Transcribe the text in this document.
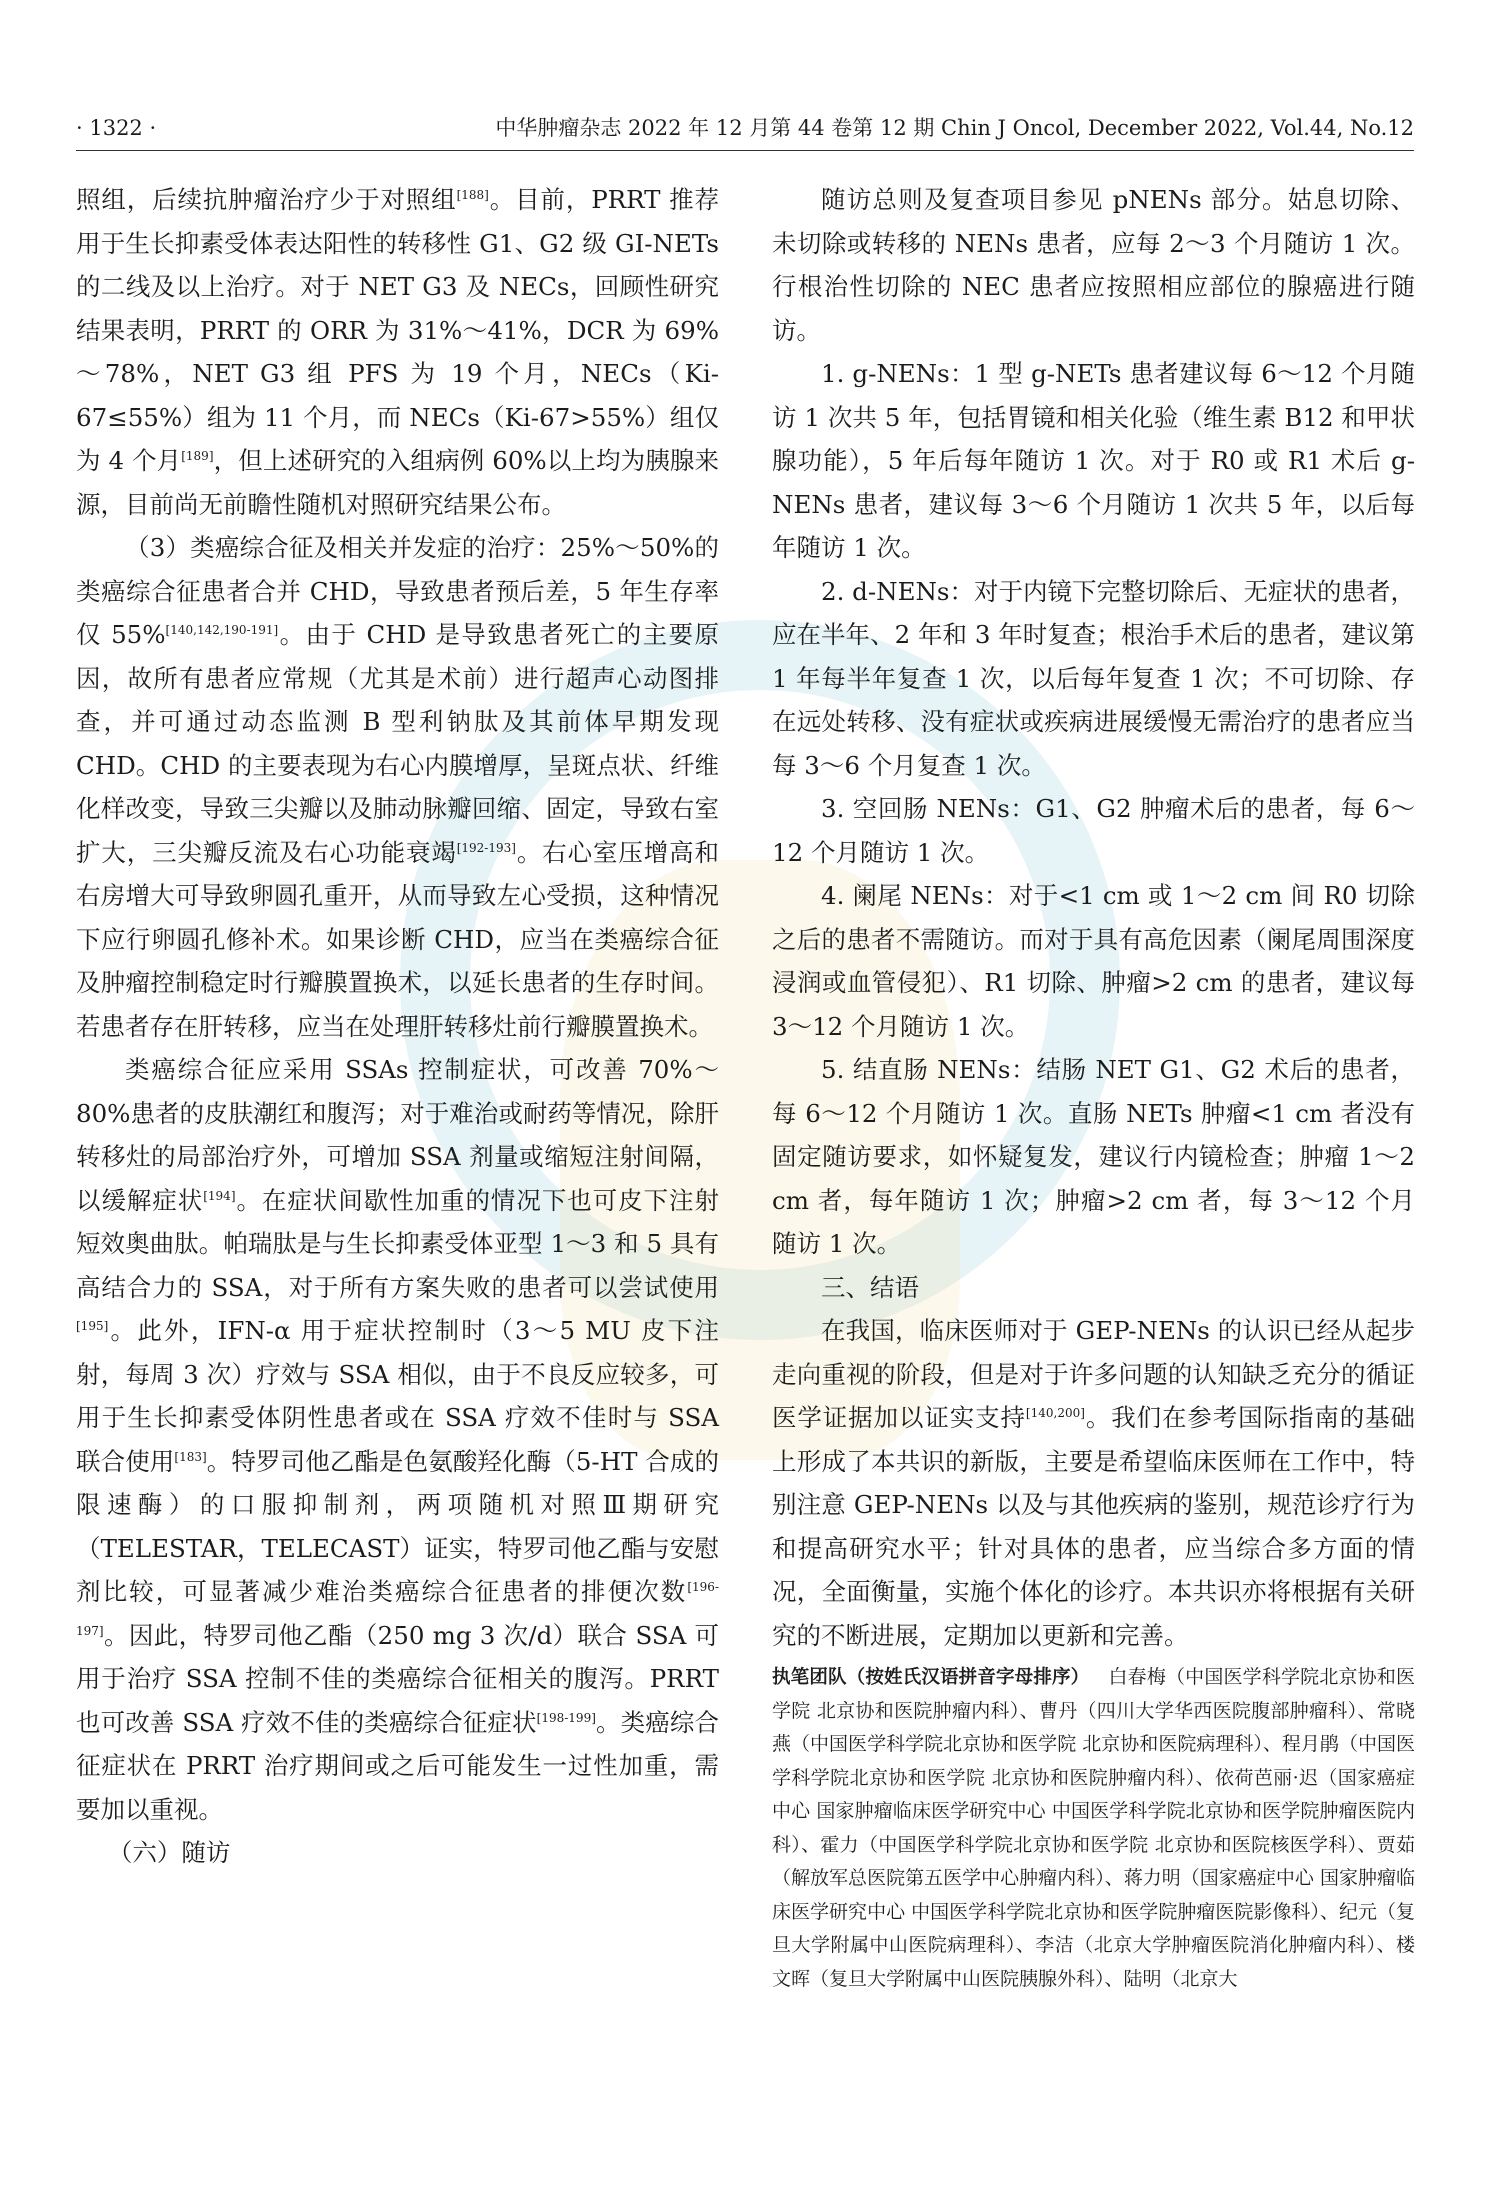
· 1322 ·	中华肿瘤杂志 2022 年 12 月第 44 卷第 12 期 Chin J Oncol, December 2022, Vol.44, No.12

照组，后续抗肿瘤治疗少于对照组[188]。目前，PRRT 推荐用于生长抑素受体表达阳性的转移性 G1、G2 级 GI-NETs 的二线及以上治疗。对于 NET G3 及 NECs，回顾性研究结果表明，PRRT 的 ORR 为 31%～41%，DCR 为 69%～78%，NET G3 组 PFS 为 19 个月，NECs（Ki-67≤55%）组为 11 个月，而 NECs（Ki-67>55%）组仅为 4 个月[189]，但上述研究的入组病例 60%以上均为胰腺来源，目前尚无前瞻性随机对照研究结果公布。

（3）类癌综合征及相关并发症的治疗：25%～50%的类癌综合征患者合并 CHD，导致患者预后差，5 年生存率仅 55%[140,142,190-191]。由于 CHD 是导致患者死亡的主要原因，故所有患者应常规（尤其是术前）进行超声心动图排查，并可通过动态监测 B 型利钠肽及其前体早期发现 CHD。CHD 的主要表现为右心内膜增厚，呈斑点状、纤维化样改变，导致三尖瓣以及肺动脉瓣回缩、固定，导致右室扩大，三尖瓣反流及右心功能衰竭[192-193]。右心室压增高和右房增大可导致卵圆孔重开，从而导致左心受损，这种情况下应行卵圆孔修补术。如果诊断 CHD，应当在类癌综合征及肿瘤控制稳定时行瓣膜置换术，以延长患者的生存时间。若患者存在肝转移，应当在处理肝转移灶前行瓣膜置换术。

类癌综合征应采用 SSAs 控制症状，可改善 70%～80%患者的皮肤潮红和腹泻；对于难治或耐药等情况，除肝转移灶的局部治疗外，可增加 SSA 剂量或缩短注射间隔，以缓解症状[194]。在症状间歇性加重的情况下也可皮下注射短效奥曲肽。帕瑞肽是与生长抑素受体亚型 1～3 和 5 具有高结合力的 SSA，对于所有方案失败的患者可以尝试使用[195]。此外，IFN-α 用于症状控制时（3～5 MU 皮下注射，每周 3 次）疗效与 SSA 相似，由于不良反应较多，可用于生长抑素受体阴性患者或在 SSA 疗效不佳时与 SSA 联合使用[183]。特罗司他乙酯是色氨酸羟化酶（5-HT 合成的限速酶）的口服抑制剂，两项随机对照Ⅲ期研究（TELESTAR，TELECAST）证实，特罗司他乙酯与安慰剂比较，可显著减少难治类癌综合征患者的排便次数[196-197]。因此，特罗司他乙酯（250 mg 3 次/d）联合 SSA 可用于治疗 SSA 控制不佳的类癌综合征相关的腹泻。PRRT 也可改善 SSA 疗效不佳的类癌综合征症状[198-199]。类癌综合征症状在 PRRT 治疗期间或之后可能发生一过性加重，需要加以重视。

（六）随访

随访总则及复查项目参见 pNENs 部分。姑息切除、未切除或转移的 NENs 患者，应每 2～3 个月随访 1 次。行根治性切除的 NEC 患者应按照相应部位的腺癌进行随访。

1. g-NENs：1 型 g-NETs 患者建议每 6～12 个月随访 1 次共 5 年，包括胃镜和相关化验（维生素 B12 和甲状腺功能），5 年后每年随访 1 次。对于 R0 或 R1 术后 g-NENs 患者，建议每 3～6 个月随访 1 次共 5 年，以后每年随访 1 次。

2. d-NENs：对于内镜下完整切除后、无症状的患者，应在半年、2 年和 3 年时复查；根治手术后的患者，建议第 1 年每半年复查 1 次，以后每年复查 1 次；不可切除、存在远处转移、没有症状或疾病进展缓慢无需治疗的患者应当每 3～6 个月复查 1 次。

3. 空回肠 NENs：G1、G2 肿瘤术后的患者，每 6～12 个月随访 1 次。

4. 阑尾 NENs：对于<1 cm 或 1～2 cm 间 R0 切除之后的患者不需随访。而对于具有高危因素（阑尾周围深度浸润或血管侵犯）、R1 切除、肿瘤>2 cm 的患者，建议每 3～12 个月随访 1 次。

5. 结直肠 NENs：结肠 NET G1、G2 术后的患者，每 6～12 个月随访 1 次。直肠 NETs 肿瘤<1 cm 者没有固定随访要求，如怀疑复发，建议行内镜检查；肿瘤 1～2 cm 者，每年随访 1 次；肿瘤>2 cm 者，每 3～12 个月随访 1 次。

三、结语

在我国，临床医师对于 GEP-NENs 的认识已经从起步走向重视的阶段，但是对于许多问题的认知缺乏充分的循证医学证据加以证实支持[140,200]。我们在参考国际指南的基础上形成了本共识的新版，主要是希望临床医师在工作中，特别注意 GEP-NENs 以及与其他疾病的鉴别，规范诊疗行为和提高研究水平；针对具体的患者，应当综合多方面的情况，全面衡量，实施个体化的诊疗。本共识亦将根据有关研究的不断进展，定期加以更新和完善。

执笔团队（按姓氏汉语拼音字母排序）  白春梅（中国医学科学院北京协和医学院 北京协和医院肿瘤内科）、曹丹（四川大学华西医院腹部肿瘤科）、常晓燕（中国医学科学院北京协和医学院 北京协和医院病理科）、程月鹃（中国医学科学院北京协和医学院 北京协和医院肿瘤内科）、依荷芭丽·迟（国家癌症中心 国家肿瘤临床医学研究中心 中国医学科学院北京协和医学院肿瘤医院内科）、霍力（中国医学科学院北京协和医学院 北京协和医院核医学科）、贾茹（解放军总医院第五医学中心肿瘤内科）、蒋力明（国家癌症中心 国家肿瘤临床医学研究中心 中国医学科学院北京协和医学院肿瘤医院影像科）、纪元（复旦大学附属中山医院病理科）、李洁（北京大学肿瘤医院消化肿瘤内科）、楼文晖（复旦大学附属中山医院胰腺外科）、陆明（北京大
